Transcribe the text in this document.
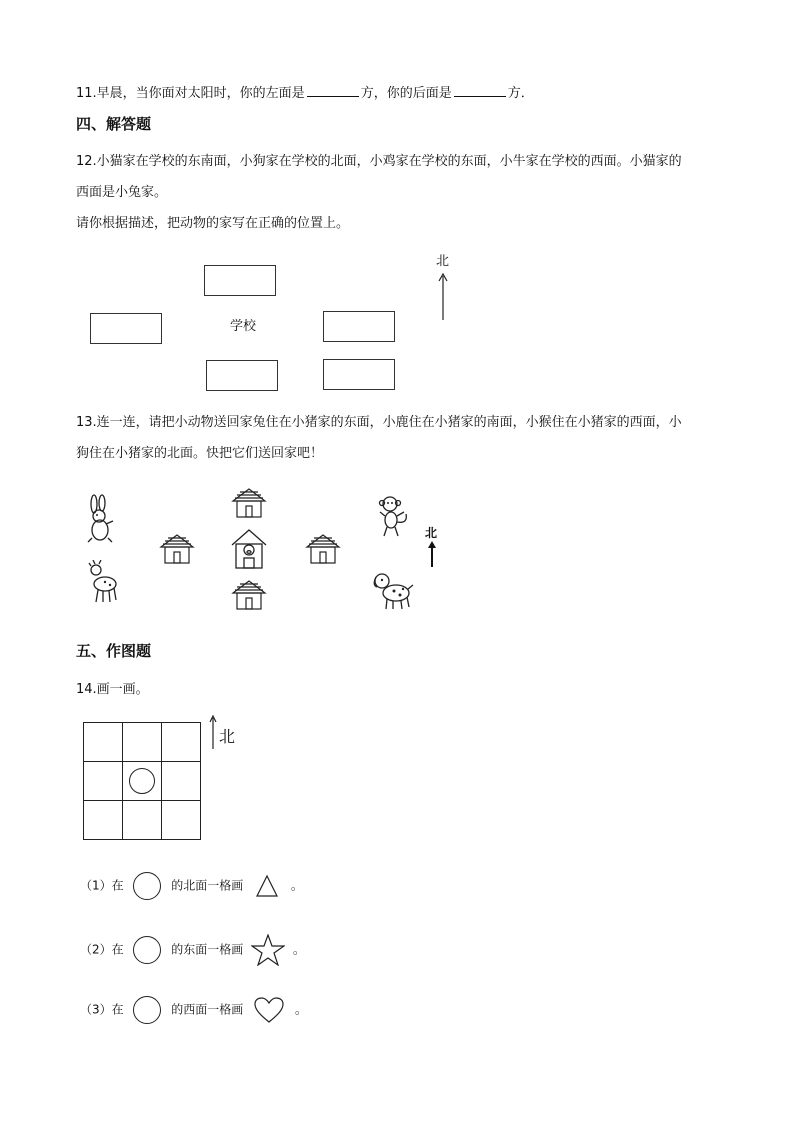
11.早晨，当你面对太阳时，你的左面是	方，你的后面是	方．
四、解答题
12.小猫家在学校的东南面，小狗家在学校的北面，小鸡家在学校的东面，小牛家在学校的西面。小猫家的
西面是小兔家。
请你根据描述，把动物的家写在正确的位置上。
学校
北
13.连一连，请把小动物送回家兔住在小猪家的东面，小鹿住在小猪家的南面，小猴住在小猪家的西面，小
狗住在小猪家的北面。快把它们送回家吧！
北
五、作图题
14.画一画。

北
（1）在	的北面一格画	。
（2）在	的东面一格画	。
（3）在	的西面一格画	。
